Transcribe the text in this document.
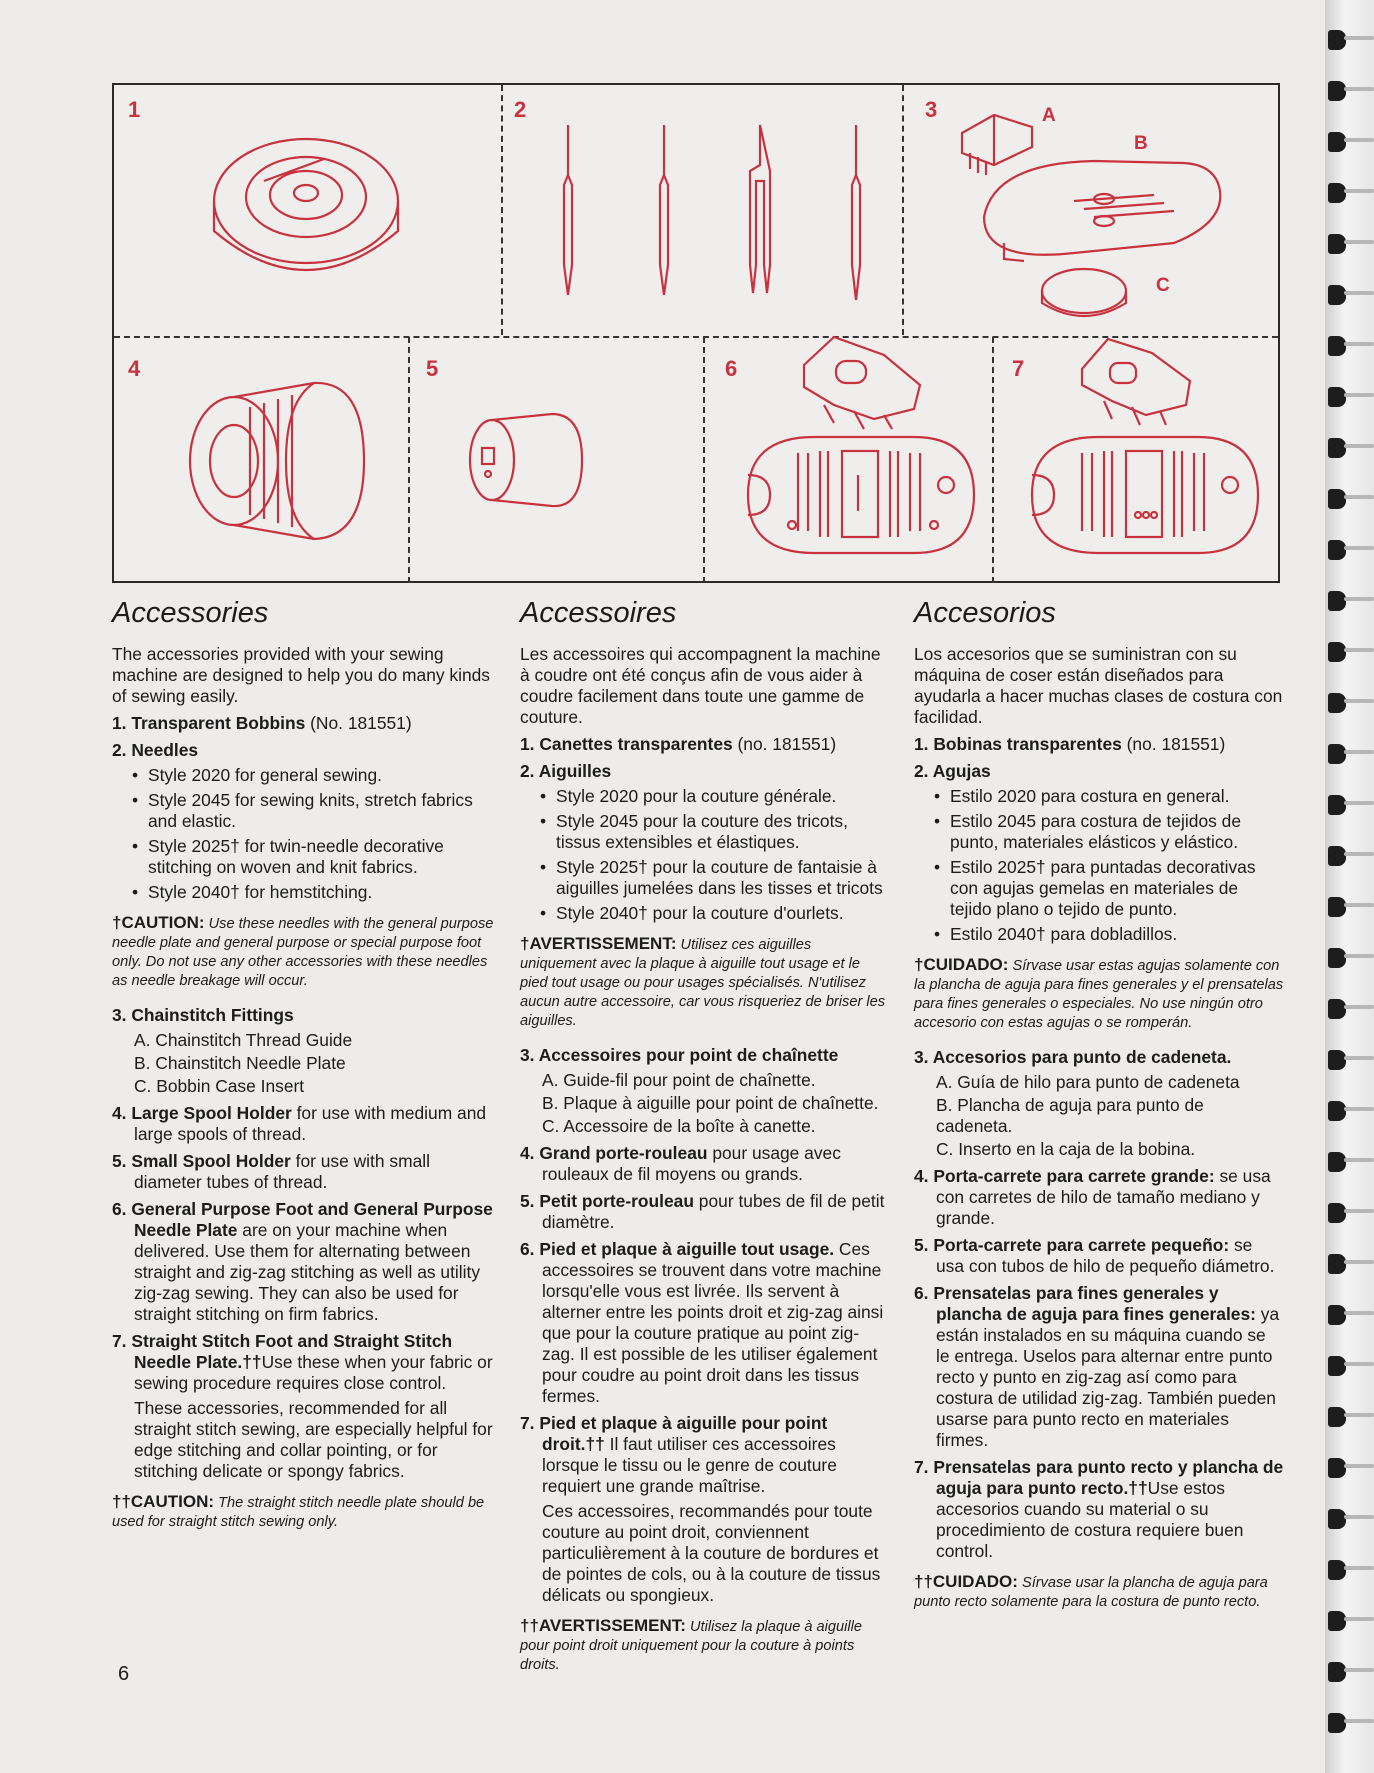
1	2	3
4	5	6	7
A
B
C
Accessories

The accessories provided with your sewing machine are designed to help you do many kinds of sewing easily.

1. Transparent Bobbins (No. 181551)
2. Needles
• Style 2020 for general sewing.
• Style 2045 for sewing knits, stretch fabrics and elastic.
• Style 2025† for twin-needle decorative stitching on woven and knit fabrics.
• Style 2040† for hemstitching.

†CAUTION: Use these needles with the general purpose needle plate and general purpose or special purpose foot only. Do not use any other accessories with these needles as needle breakage will occur.

3. Chainstitch Fittings
A. Chainstitch Thread Guide
B. Chainstitch Needle Plate
C. Bobbin Case Insert
4. Large Spool Holder for use with medium and large spools of thread.
5. Small Spool Holder for use with small diameter tubes of thread.
6. General Purpose Foot and General Purpose Needle Plate are on your machine when delivered. Use them for alternating between straight and zig-zag stitching as well as utility zig-zag sewing. They can also be used for straight stitching on firm fabrics.
7. Straight Stitch Foot and Straight Stitch Needle Plate.††Use these when your fabric or sewing procedure requires close control.

These accessories, recommended for all straight stitch sewing, are especially helpful for edge stitching and collar pointing, or for stitching delicate or spongy fabrics.

††CAUTION: The straight stitch needle plate should be used for straight stitch sewing only.

Accessoires

Les accessoires qui accompagnent la machine à coudre ont été conçus afin de vous aider à coudre facilement dans toute une gamme de couture.

1. Canettes transparentes (no. 181551)
2. Aiguilles
• Style 2020 pour la couture générale.
• Style 2045 pour la couture des tricots, tissus extensibles et élastiques.
• Style 2025† pour la couture de fantaisie à aiguilles jumelées dans les tisses et tricots
• Style 2040† pour la couture d'ourlets.

†AVERTISSEMENT: Utilisez ces aiguilles uniquement avec la plaque à aiguille tout usage et le pied tout usage ou pour usages spécialisés. N'utilisez aucun autre accessoire, car vous risqueriez de briser les aiguilles.

3. Accessoires pour point de chaînette
A. Guide-fil pour point de chaînette.
B. Plaque à aiguille pour point de chaînette.
C. Accessoire de la boîte à canette.
4. Grand porte-rouleau pour usage avec rouleaux de fil moyens ou grands.
5. Petit porte-rouleau pour tubes de fil de petit diamètre.
6. Pied et plaque à aiguille tout usage. Ces accessoires se trouvent dans votre machine lorsqu'elle vous est livrée. Ils servent à alterner entre les points droit et zig-zag ainsi que pour la couture pratique au point zig-zag. Il est possible de les utiliser également pour coudre au point droit dans les tissus fermes.
7. Pied et plaque à aiguille pour point droit.†† Il faut utiliser ces accessoires lorsque le tissu ou le genre de couture requiert une grande maîtrise.

Ces accessoires, recommandés pour toute couture au point droit, conviennent particulièrement à la couture de bordures et de pointes de cols, ou à la couture de tissus délicats ou spongieux.

††AVERTISSEMENT: Utilisez la plaque à aiguille pour point droit uniquement pour la couture à points droits.

Accesorios

Los accesorios que se suministran con su máquina de coser están diseñados para ayudarla a hacer muchas clases de costura con facilidad.

1. Bobinas transparentes (no. 181551)
2. Agujas
• Estilo 2020 para costura en general.
• Estilo 2045 para costura de tejidos de punto, materiales elásticos y elástico.
• Estilo 2025† para puntadas decorativas con agujas gemelas en materiales de tejido plano o tejido de punto.
• Estilo 2040† para dobladillos.

†CUIDADO: Sírvase usar estas agujas solamente con la plancha de aguja para fines generales y el prensatelas para fines generales o especiales. No use ningún otro accesorio con estas agujas o se romperán.

3. Accesorios para punto de cadeneta.
A. Guía de hilo para punto de cadeneta
B. Plancha de aguja para punto de cadeneta.
C. Inserto en la caja de la bobina.
4. Porta-carrete para carrete grande: se usa con carretes de hilo de tamaño mediano y grande.
5. Porta-carrete para carrete pequeño: se usa con tubos de hilo de pequeño diámetro.
6. Prensatelas para fines generales y plancha de aguja para fines generales: ya están instalados en su máquina cuando se le entrega. Uselos para alternar entre punto recto y punto en zig-zag así como para costura de utilidad zig-zag. También pueden usarse para punto recto en materiales firmes.
7. Prensatelas para punto recto y plancha de aguja para punto recto.††Use estos accesorios cuando su material o su procedimiento de costura requiere buen control.

††CUIDADO: Sírvase usar la plancha de aguja para punto recto solamente para la costura de punto recto.

6
